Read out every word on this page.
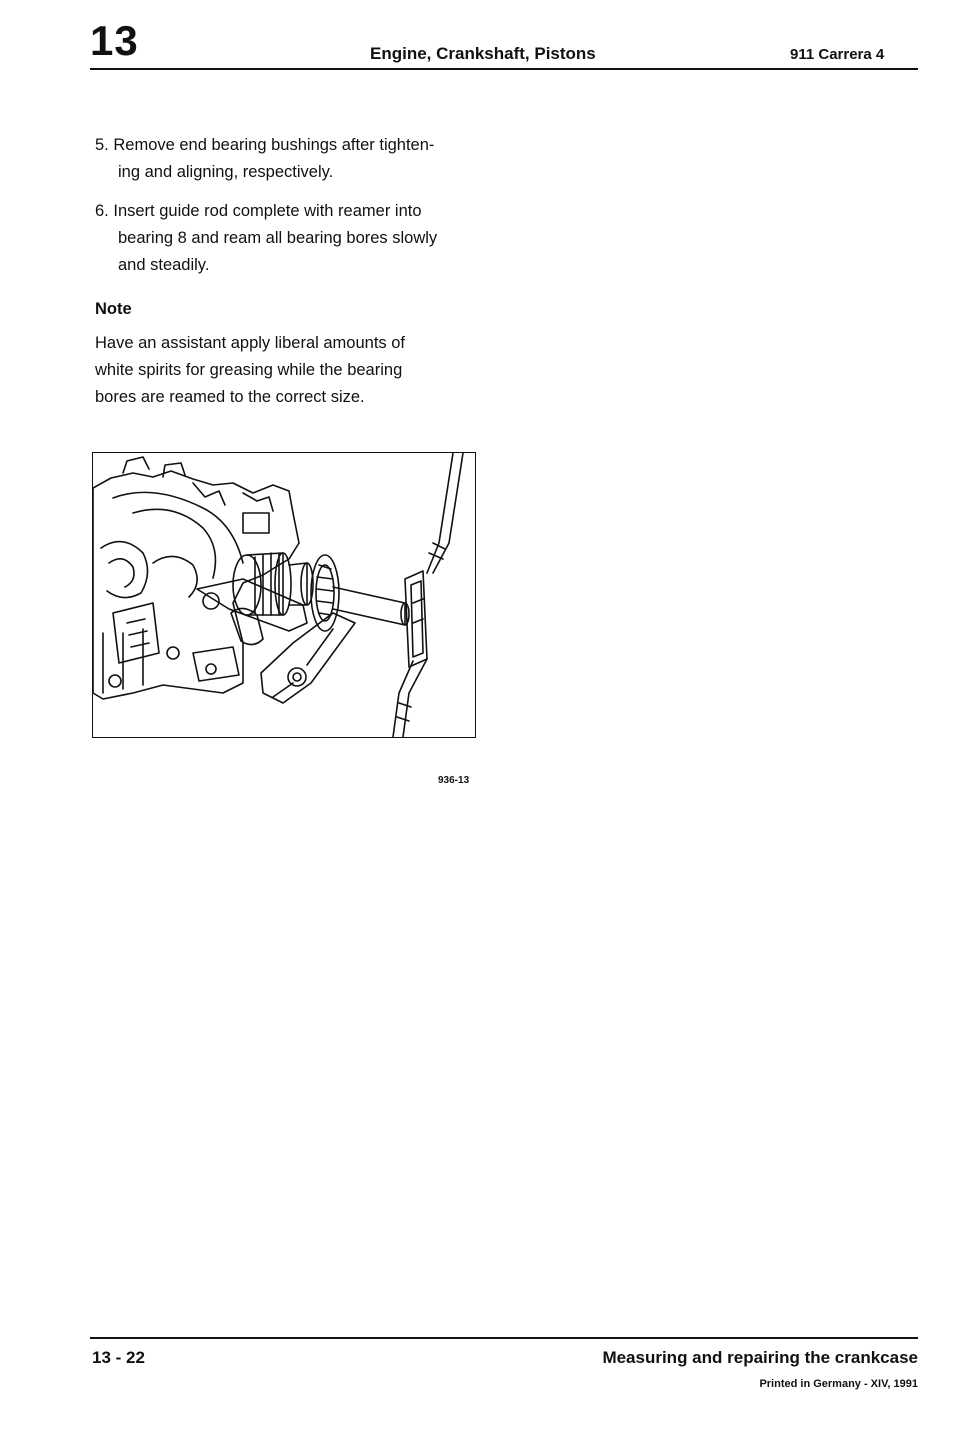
13	Engine, Crankshaft, Pistons	911 Carrera 4
5. Remove end bearing bushings after tighten-
ing and aligning, respectively.
6. Insert guide rod complete with reamer into
bearing 8 and ream all bearing bores slowly
and steadily.
Note
Have an assistant apply liberal amounts of
white spirits for greasing while the bearing
bores are reamed to the correct size.
936-13
13 - 22	Measuring and repairing the crankcase
Printed in Germany - XIV, 1991
